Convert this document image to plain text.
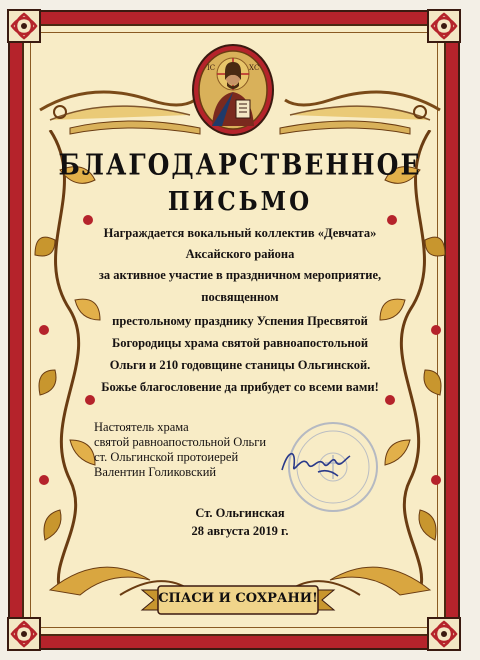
ІС	ХС
БЛАГОДАРСТВЕННОЕ
ПИСЬМО
Награждается вокальный коллектив «Девчата»
Аксайского района
за активное участие в праздничном мероприятие,
посвященном
престольному празднику Успения Пресвятой
Богородицы храма святой равноапостольной
Ольги и 210 годовщине станицы Ольгинской.
Божье благословение да прибудет со всеми вами!
Настоятель храма
святой равноапостольной Ольги
ст. Ольгинской протоиерей
Валентин Голиковский
Ст. Ольгинская
28 августа 2019 г.
СПАСИ И СОХРАНИ!
